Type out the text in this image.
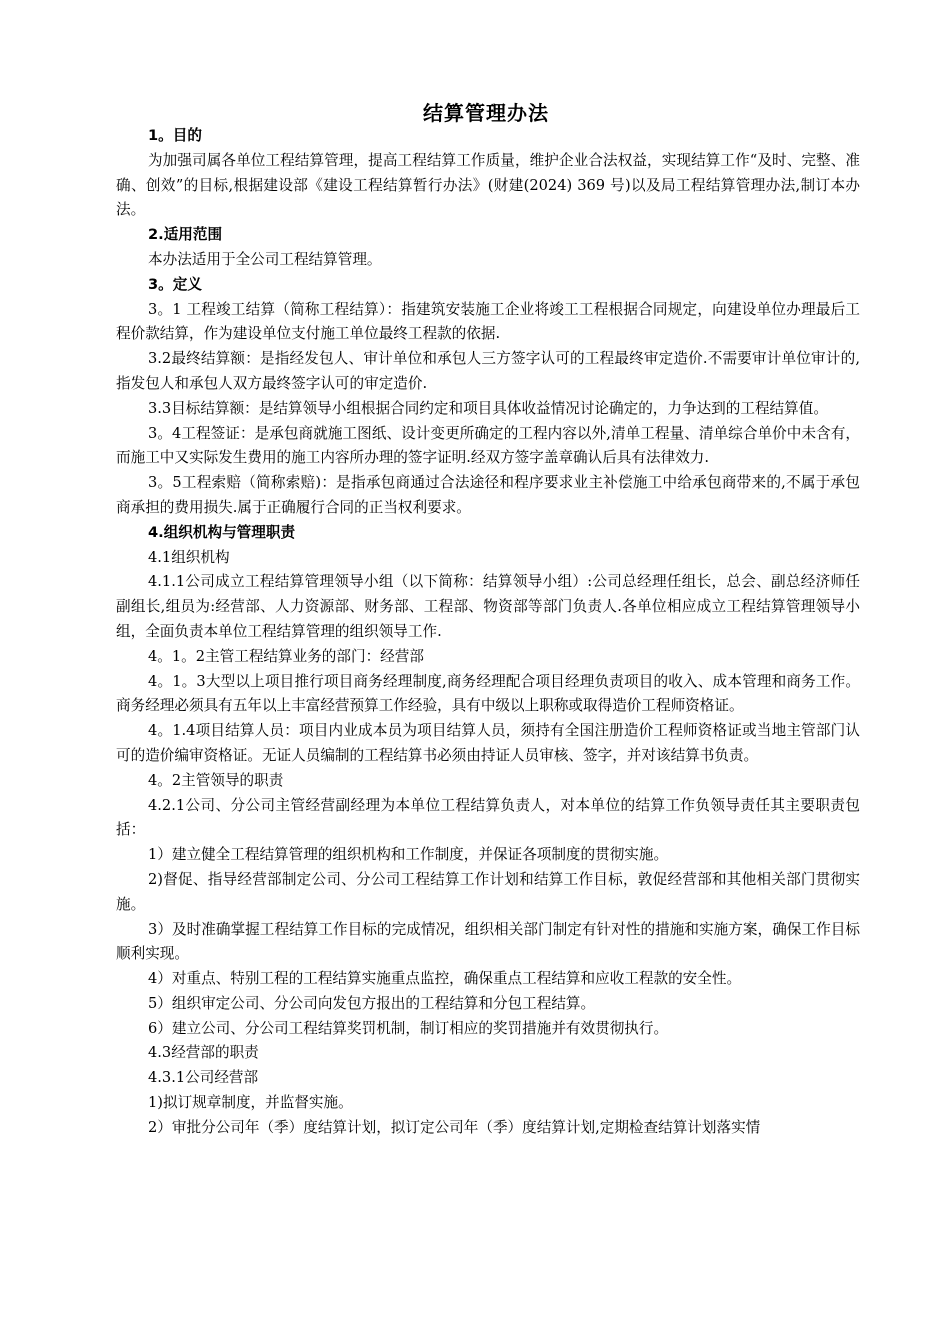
结算管理办法

1。目的

为加强司属各单位工程结算管理，提高工程结算工作质量，维护企业合法权益，实现结算工作“及时、完整、准确、创效”的目标,根据建设部《建设工程结算暂行办法》(财建(2024) 369 号)以及局工程结算管理办法,制订本办法。

2.适用范围

本办法适用于全公司工程结算管理。

3。定义

3。1 工程竣工结算（简称工程结算）：指建筑安装施工企业将竣工工程根据合同规定，向建设单位办理最后工程价款结算，作为建设单位支付施工单位最终工程款的依据.

3.2最终结算额：是指经发包人、审计单位和承包人三方签字认可的工程最终审定造价.不需要审计单位审计的,指发包人和承包人双方最终签字认可的审定造价.

3.3目标结算额：是结算领导小组根据合同约定和项目具体收益情况讨论确定的，力争达到的工程结算值。

3。4工程签证：是承包商就施工图纸、设计变更所确定的工程内容以外,清单工程量、清单综合单价中未含有，而施工中又实际发生费用的施工内容所办理的签字证明.经双方签字盖章确认后具有法律效力.

3。5工程索赔（简称索赔)：是指承包商通过合法途径和程序要求业主补偿施工中给承包商带来的,不属于承包商承担的费用损失.属于正确履行合同的正当权利要求。

4.组织机构与管理职责

4.1组织机构

4.1.1公司成立工程结算管理领导小组（以下简称：结算领导小组）:公司总经理任组长，总会、副总经济师任副组长,组员为:经营部、人力资源部、财务部、工程部、物资部等部门负责人.各单位相应成立工程结算管理领导小组，全面负责本单位工程结算管理的组织领导工作.

4。1。2主管工程结算业务的部门：经营部

4。1。3大型以上项目推行项目商务经理制度,商务经理配合项目经理负责项目的收入、成本管理和商务工作。商务经理必须具有五年以上丰富经营预算工作经验，具有中级以上职称或取得造价工程师资格证。

4。1.4项目结算人员：项目内业成本员为项目结算人员，须持有全国注册造价工程师资格证或当地主管部门认可的造价编审资格证。无证人员编制的工程结算书必须由持证人员审核、签字，并对该结算书负责。

4。2主管领导的职责

4.2.1公司、分公司主管经营副经理为本单位工程结算负责人，对本单位的结算工作负领导责任其主要职责包括：

1）建立健全工程结算管理的组织机构和工作制度，并保证各项制度的贯彻实施。

2)督促、指导经营部制定公司、分公司工程结算工作计划和结算工作目标，敦促经营部和其他相关部门贯彻实施。

3）及时准确掌握工程结算工作目标的完成情况，组织相关部门制定有针对性的措施和实施方案，确保工作目标顺利实现。

4）对重点、特别工程的工程结算实施重点监控，确保重点工程结算和应收工程款的安全性。

5）组织审定公司、分公司向发包方报出的工程结算和分包工程结算。

6）建立公司、分公司工程结算奖罚机制，制订相应的奖罚措施并有效贯彻执行。

4.3经营部的职责

4.3.1公司经营部

1)拟订规章制度，并监督实施。

2）审批分公司年（季）度结算计划，拟订定公司年（季）度结算计划,定期检查结算计划落实情
